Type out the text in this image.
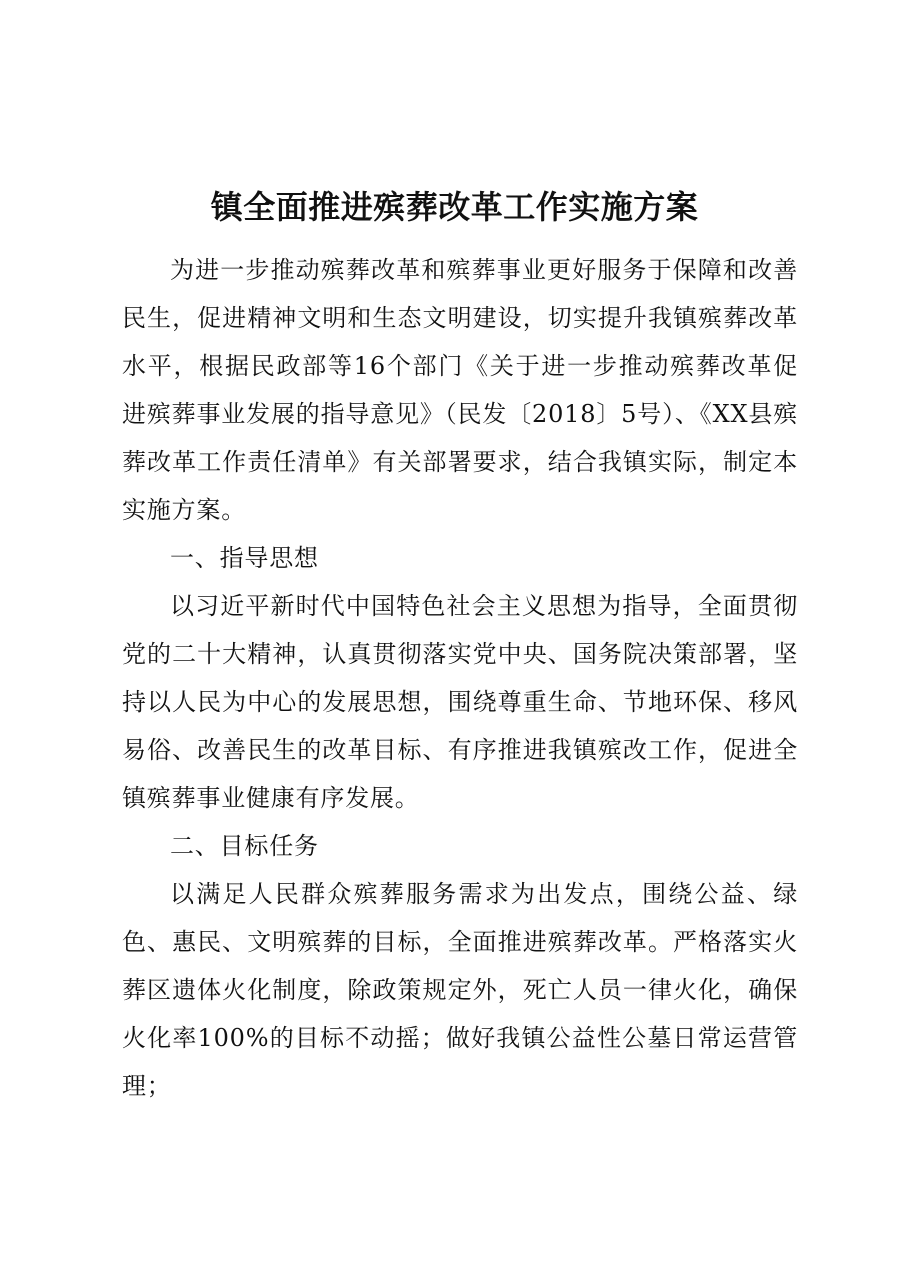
镇全面推进殡葬改革工作实施方案

为进一步推动殡葬改革和殡葬事业更好服务于保障和改善民生，促进精神文明和生态文明建设，切实提升我镇殡葬改革水平，根据民政部等16个部门《关于进一步推动殡葬改革促进殡葬事业发展的指导意见》（民发〔2018〕5号）、《XX县殡葬改革工作责任清单》有关部署要求，结合我镇实际，制定本实施方案。

一、指导思想

以习近平新时代中国特色社会主义思想为指导，全面贯彻党的二十大精神，认真贯彻落实党中央、国务院决策部署，坚持以人民为中心的发展思想，围绕尊重生命、节地环保、移风易俗、改善民生的改革目标、有序推进我镇殡改工作，促进全镇殡葬事业健康有序发展。

二、目标任务

以满足人民群众殡葬服务需求为出发点，围绕公益、绿色、惠民、文明殡葬的目标，全面推进殡葬改革。严格落实火葬区遗体火化制度，除政策规定外，死亡人员一律火化，确保火化率100%的目标不动摇；做好我镇公益性公墓日常运营管理；
